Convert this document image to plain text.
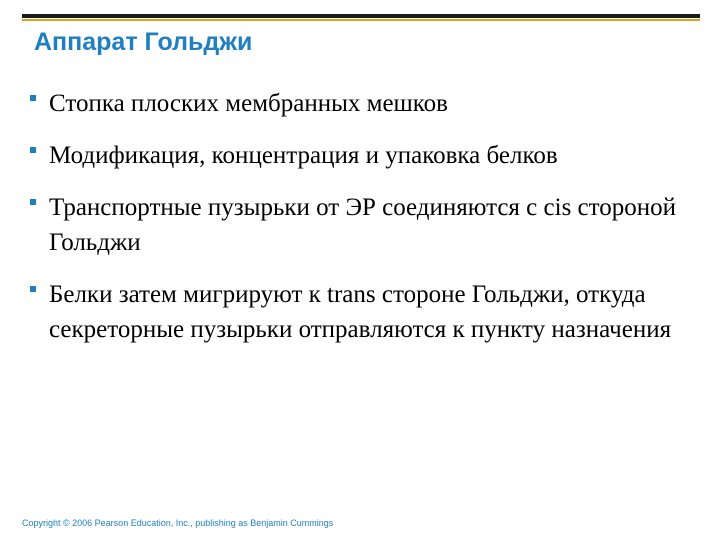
Аппарат Гольджи
Стопка плоских мембранных мешков
Модификация, концентрация и упаковка белков
Транспортные пузырьки от ЭР соединяются с cis стороной Гольджи
Белки затем мигрируют к trans стороне Гольджи, откуда секреторные пузырьки отправляются к пункту назначения
Copyright © 2006 Pearson Education, Inc., publishing as Benjamin Cummings
